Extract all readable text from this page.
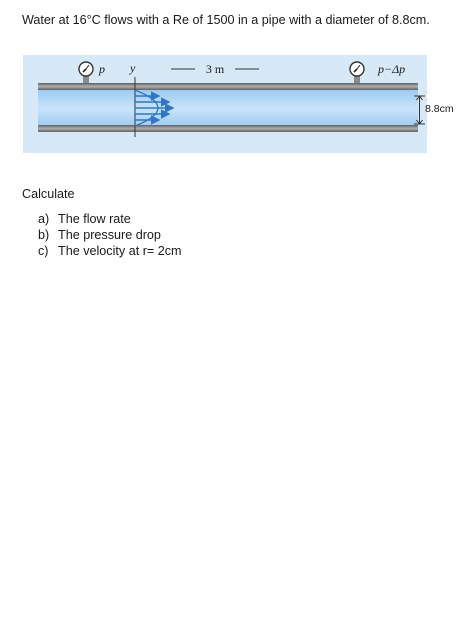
Water at 16°C flows with a Re of 1500 in a pipe with a diameter of 8.8cm.
p y	p−Δp
3 m
8.8cm
Calculate
a) The flow rate
b) The pressure drop
c) The velocity at r= 2cm
